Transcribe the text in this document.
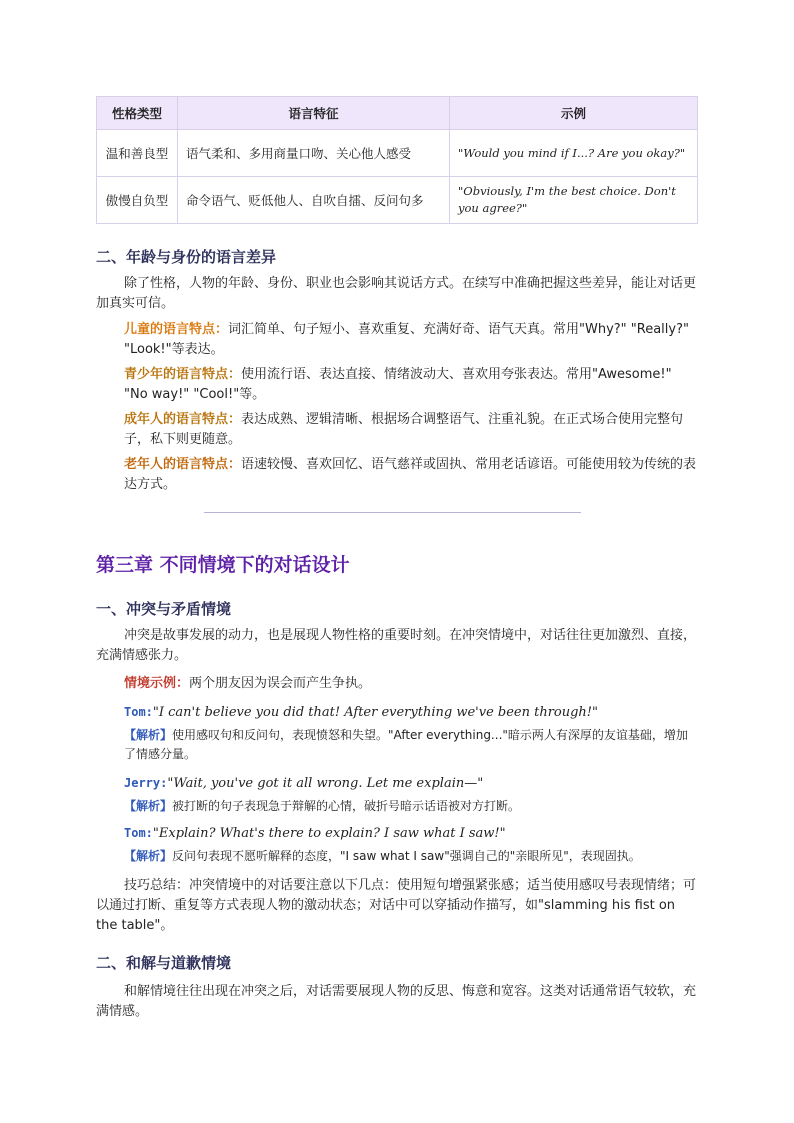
性格类型	语言特征	示例
温和善良型	语气柔和、多用商量口吻、关心他人感受	"Would you mind if I...? Are you okay?"
傲慢自负型	命令语气、贬低他人、自吹自擂、反问句多	"Obviously, I'm the best choice. Don't you agree?"
二、年龄与身份的语言差异

除了性格，人物的年龄、身份、职业也会影响其说话方式。在续写中准确把握这些差异，能让对话更加真实可信。

儿童的语言特点：词汇简单、句子短小、喜欢重复、充满好奇、语气天真。常用"Why?" "Really?" "Look!"等表达。

青少年的语言特点：使用流行语、表达直接、情绪波动大、喜欢用夸张表达。常用"Awesome!" "No way!" "Cool!"等。

成年人的语言特点：表达成熟、逻辑清晰、根据场合调整语气、注重礼貌。在正式场合使用完整句子，私下则更随意。

老年人的语言特点：语速较慢、喜欢回忆、语气慈祥或固执、常用老话谚语。可能使用较为传统的表达方式。

第三章 不同情境下的对话设计
一、冲突与矛盾情境

冲突是故事发展的动力，也是展现人物性格的重要时刻。在冲突情境中，对话往往更加激烈、直接，充满情感张力。

情境示例：两个朋友因为误会而产生争执。

Tom:"I can't believe you did that! After everything we've been through!"

【解析】使用感叹句和反问句，表现愤怒和失望。"After everything..."暗示两人有深厚的友谊基础，增加了情感分量。

Jerry:"Wait, you've got it all wrong. Let me explain—"

【解析】被打断的句子表现急于辩解的心情，破折号暗示话语被对方打断。

Tom:"Explain? What's there to explain? I saw what I saw!"

【解析】反问句表现不愿听解释的态度，"I saw what I saw"强调自己的"亲眼所见"，表现固执。

技巧总结：冲突情境中的对话要注意以下几点：使用短句增强紧张感；适当使用感叹号表现情绪；可以通过打断、重复等方式表现人物的激动状态；对话中可以穿插动作描写，如"slamming his fist on the table"。

二、和解与道歉情境

和解情境往往出现在冲突之后，对话需要展现人物的反思、悔意和宽容。这类对话通常语气较软，充满情感。
